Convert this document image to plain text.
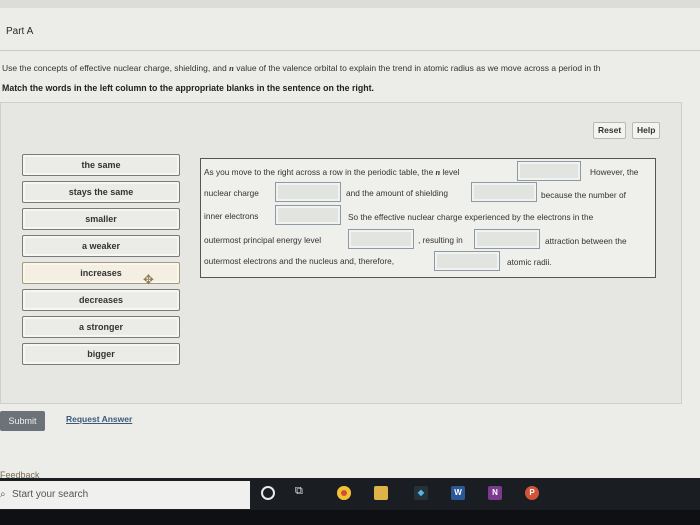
Part A
Use the concepts of effective nuclear charge, shielding, and n value of the valence orbital to explain the trend in atomic radius as we move across a period in th
Match the words in the left column to the appropriate blanks in the sentence on the right.
Reset	Help
the same
stays the same
smaller
a weaker
increases	✥
decreases
a stronger
bigger
As you move to the right across a row in the periodic table, the n level	However, the
nuclear charge	and the amount of shielding	because the number of
inner electrons	So the effective nuclear charge experienced by the electrons in the
outermost principal energy level	, resulting in	attraction between the
outermost electrons and the nucleus and, therefore,	atomic radii.
Submit	Request Answer
Feedback
⌕ Start your search	⧉	◆	W	N	P
